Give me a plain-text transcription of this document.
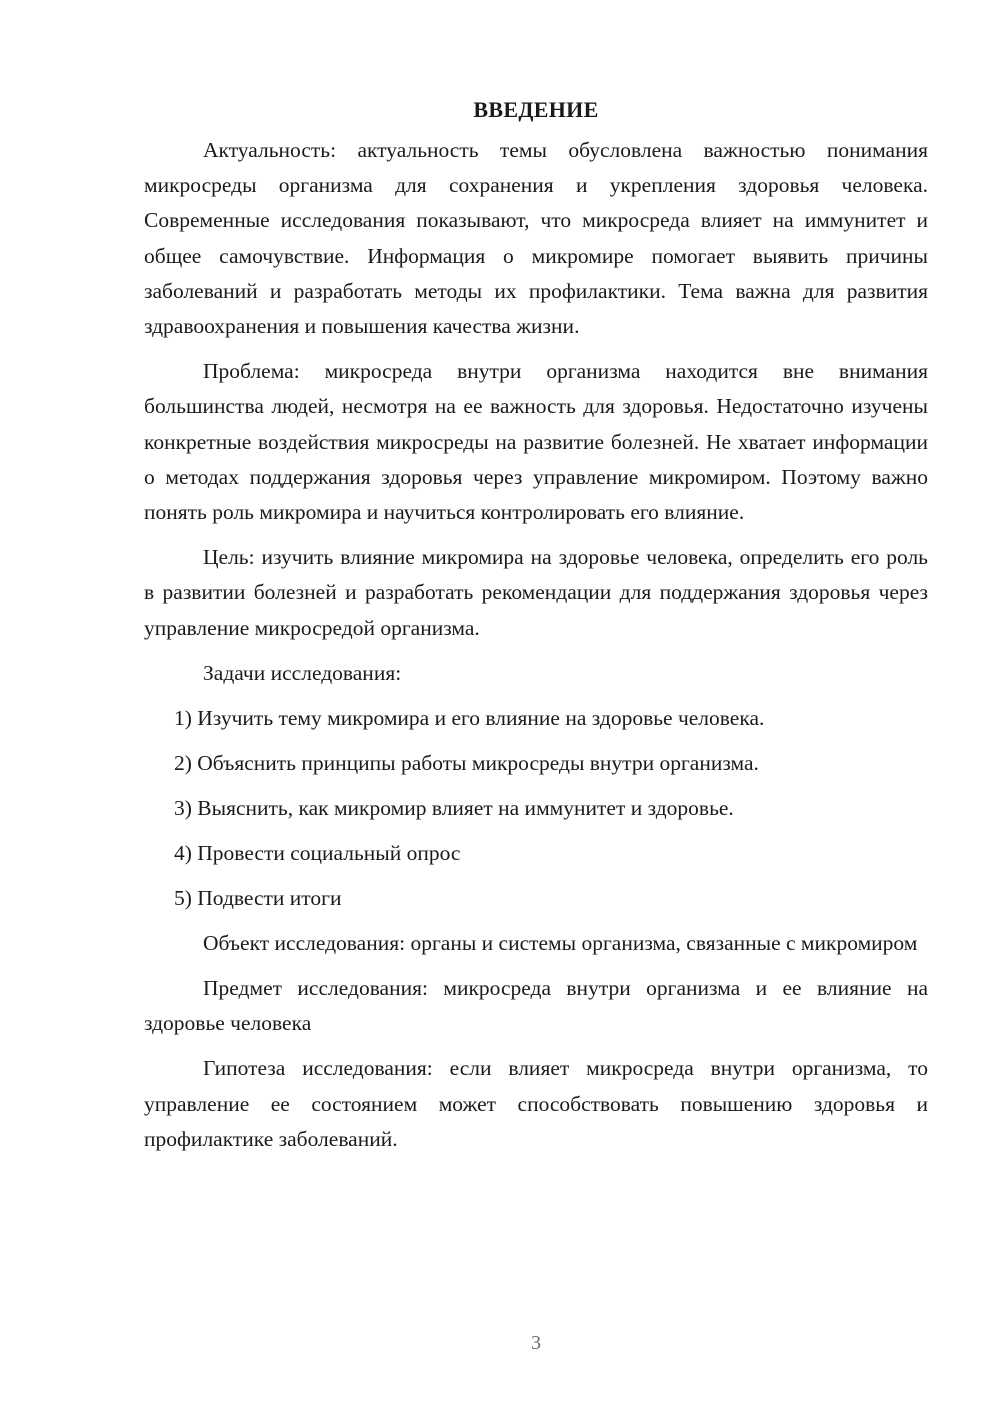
ВВЕДЕНИЕ

Актуальность: актуальность темы обусловлена важностью понимания микросреды организма для сохранения и укрепления здоровья человека. Современные исследования показывают, что микросреда влияет на иммунитет и общее самочувствие. Информация о микромире помогает выявить причины заболеваний и разработать методы их профилактики. Тема важна для развития здравоохранения и повышения качества жизни.

Проблема: микросреда внутри организма находится вне внимания большинства людей, несмотря на ее важность для здоровья. Недостаточно изучены конкретные воздействия микросреды на развитие болезней. Не хватает информации о методах поддержания здоровья через управление микромиром. Поэтому важно понять роль микромира и научиться контролировать его влияние.

Цель: изучить влияние микромира на здоровье человека, определить его роль в развитии болезней и разработать рекомендации для поддержания здоровья через управление микросредой организма.

Задачи исследования:
1) Изучить тему микромира и его влияние на здоровье человека.
2) Объяснить принципы работы микросреды внутри организма.
3) Выяснить, как микромир влияет на иммунитет и здоровье.
4) Провести социальный опрос
5) Подвести итоги

Объект исследования: органы и системы организма, связанные с микромиром

Предмет исследования: микросреда внутри организма и ее влияние на здоровье человека

Гипотеза исследования: если влияет микросреда внутри организма, то управление ее состоянием может способствовать повышению здоровья и профилактике заболеваний.

3
